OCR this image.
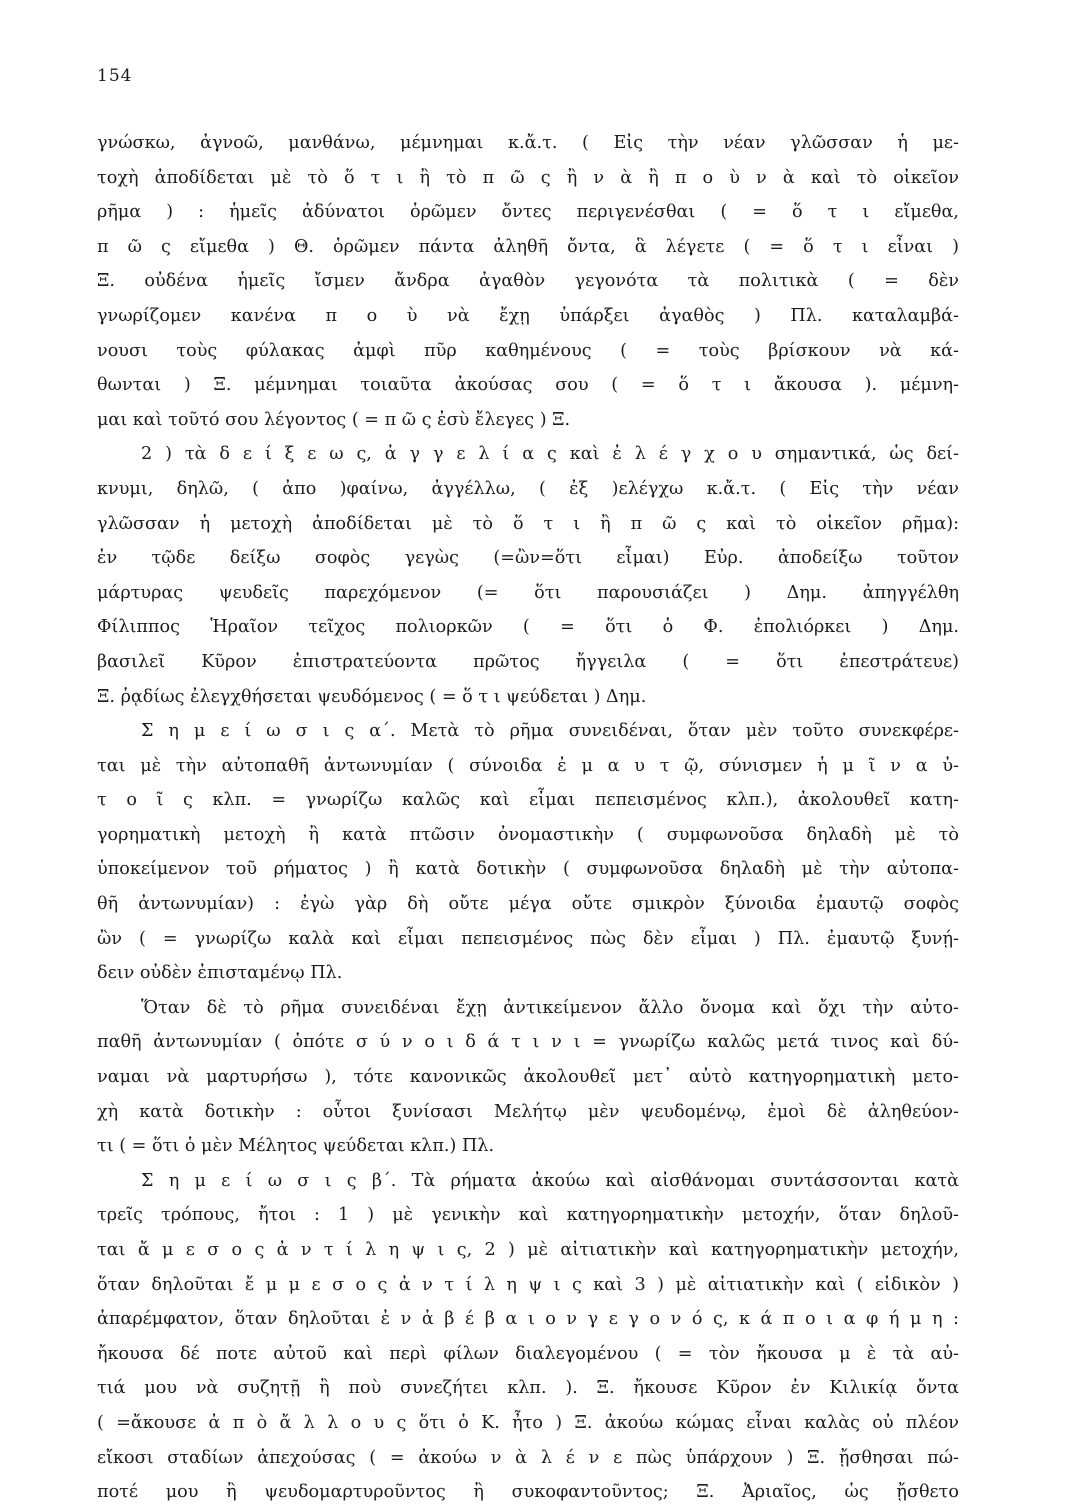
154
γνώσκω, ἀγνοῶ, μανθάνω, μέμνημαι κ.ἄ.τ. ( Εἰς τὴν νέαν γλῶσσαν ἡ με-
τοχὴ ἀποδίδεται μὲ τὸ ὅ τ ι ἢ τὸ π ῶ ς ἢ ν ὰ ἢ π ο ὺ ν ὰ καὶ τὸ οἰκεῖον
ρῆμα ) : ἡμεῖς ἀδύνατοι ὁρῶμεν ὄντες περιγενέσθαι ( = ὅ τ ι εἴμεθα,
π ῶ ς εἴμεθα ) Θ. ὁρῶμεν πάντα ἀληθῆ ὄντα, ἃ λέγετε ( = ὅ τ ι εἶναι )
Ξ. οὐδένα ἡμεῖς ἴσμεν ἄνδρα ἀγαθὸν γεγονότα τὰ πολιτικὰ ( = δὲν
γνωρίζομεν κανένα π ο ὺ νὰ ἔχῃ ὑπάρξει ἀγαθὸς ) Πλ. καταλαμβά-
νουσι τοὺς φύλακας ἀμφὶ πῦρ καθημένους ( = τοὺς βρίσκουν νὰ κά-
θωνται ) Ξ. μέμνημαι τοιαῦτα ἀκούσας σου ( = ὅ τ ι ἄκουσα ). μέμνη-
μαι καὶ τοῦτό σου λέγοντος ( = π ῶ ς ἐσὺ ἔλεγες ) Ξ.
2 ) τὰ δ ε ί ξ ε ω ς, ἀ γ γ ε λ ί α ς καὶ ἐ λ έ γ χ ο υ σημαντικά, ὡς δεί-
κνυμι, δηλῶ, ( ἀπο )φαίνω, ἀγγέλλω, ( ἐξ )ελέγχω κ.ἄ.τ. ( Εἰς τὴν νέαν
γλῶσσαν ἡ μετοχὴ ἀποδίδεται μὲ τὸ ὅ τ ι ἢ π ῶ ς καὶ τὸ οἰκεῖον ρῆμα):
ἐν τῷδε δείξω σοφὸς γεγὼς (=ὢν=ὅτι εἶμαι) Εὐρ. ἀποδείξω τοῦτον
μάρτυρας ψευδεῖς παρεχόμενον (= ὅτι παρουσιάζει ) Δημ. ἀπηγγέλθη
Φίλιππος Ἡραῖον τεῖχος πολιορκῶν ( = ὅτι ὁ Φ. ἐπολιόρκει ) Δημ.
βασιλεῖ Κῦρον ἐπιστρατεύοντα πρῶτος ἤγγειλα ( = ὅτι ἐπεστράτευε)
Ξ. ῥᾳδίως ἐλεγχθήσεται ψευδόμενος ( = ὅ τ ι ψεύδεται ) Δημ.
Σ η μ ε ί ω σ ι ς α΄. Μετὰ τὸ ρῆμα συνειδέναι, ὅταν μὲν τοῦτο συνεκφέρε-
ται μὲ τὴν αὐτοπαθῆ ἀντωνυμίαν ( σύνοιδα ἐ μ α υ τ ῷ, σύνισμεν ἡ μ ῖ ν α ὐ-
τ ο ῖ ς κλπ. = γνωρίζω καλῶς καὶ εἶμαι πεπεισμένος κλπ.), ἀκολουθεῖ κατη-
γορηματικὴ μετοχὴ ἢ κατὰ πτῶσιν ὀνομαστικὴν ( συμφωνοῦσα δηλαδὴ μὲ τὸ
ὑποκείμενον τοῦ ρήματος ) ἢ κατὰ δοτικὴν ( συμφωνοῦσα δηλαδὴ μὲ τὴν αὐτοπα-
θῆ ἀντωνυμίαν) : ἐγὼ γὰρ δὴ οὔτε μέγα οὔτε σμικρὸν ξύνοιδα ἐμαυτῷ σοφὸς
ὢν ( = γνωρίζω καλὰ καὶ εἶμαι πεπεισμένος πὼς δὲν εἶμαι ) Πλ. ἐμαυτῷ ξυνῄ-
δειν οὐδὲν ἐπισταμένῳ Πλ.
Ὅταν δὲ τὸ ρῆμα συνειδέναι ἔχῃ ἀντικείμενον ἄλλο ὄνομα καὶ ὄχι τὴν αὐτο-
παθῆ ἀντωνυμίαν ( ὁπότε σ ύ ν ο ι δ ά τ ι ν ι = γνωρίζω καλῶς μετά τινος καὶ δύ-
ναμαι νὰ μαρτυρήσω ), τότε κανονικῶς ἀκολουθεῖ μετ᾽ αὐτὸ κατηγορηματικὴ μετο-
χὴ κατὰ δοτικὴν : οὗτοι ξυνίσασι Μελήτῳ μὲν ψευδομένῳ, ἐμοὶ δὲ ἀληθεύον-
τι ( = ὅτι ὁ μὲν Μέλητος ψεύδεται κλπ.) Πλ.
Σ η μ ε ί ω σ ι ς β΄. Τὰ ρήματα ἀκούω καὶ αἰσθάνομαι συντάσσονται κατὰ
τρεῖς τρόπους, ἤτοι : 1 ) μὲ γενικὴν καὶ κατηγορηματικὴν μετοχήν, ὅταν δηλοῦ-
ται ἄ μ ε σ ο ς ἀ ν τ ί λ η ψ ι ς, 2 ) μὲ αἰτιατικὴν καὶ κατηγορηματικὴν μετοχήν,
ὅταν δηλοῦται ἔ μ μ ε σ ο ς ἀ ν τ ί λ η ψ ι ς καὶ 3 ) μὲ αἰτιατικὴν καὶ ( εἰδικὸν )
ἀπαρέμφατον, ὅταν δηλοῦται ἐ ν ἀ β έ β α ι ο ν γ ε γ ο ν ό ς, κ ά π ο ι α φ ή μ η :
ἤκουσα δέ ποτε αὐτοῦ καὶ περὶ φίλων διαλεγομένου ( = τὸν ἤκουσα μ ὲ τὰ αὐ-
τιά μου νὰ συζητῇ ἢ ποὺ συνεζήτει κλπ. ). Ξ. ἤκουσε Κῦρον ἐν Κιλικίᾳ ὄντα
( =ἄκουσε ἀ π ὸ ἄ λ λ ο υ ς ὅτι ὁ Κ. ἦτο ) Ξ. ἀκούω κώμας εἶναι καλὰς οὐ πλέον
εἴκοσι σταδίων ἀπεχούσας ( = ἀκούω ν ὰ λ έ ν ε πὼς ὑπάρχουν ) Ξ. ᾔσθησαι πώ-
ποτέ μου ἢ ψευδομαρτυροῦντος ἢ συκοφαντοῦντος; Ξ. Ἀριαῖος, ὡς ᾔσθετο
